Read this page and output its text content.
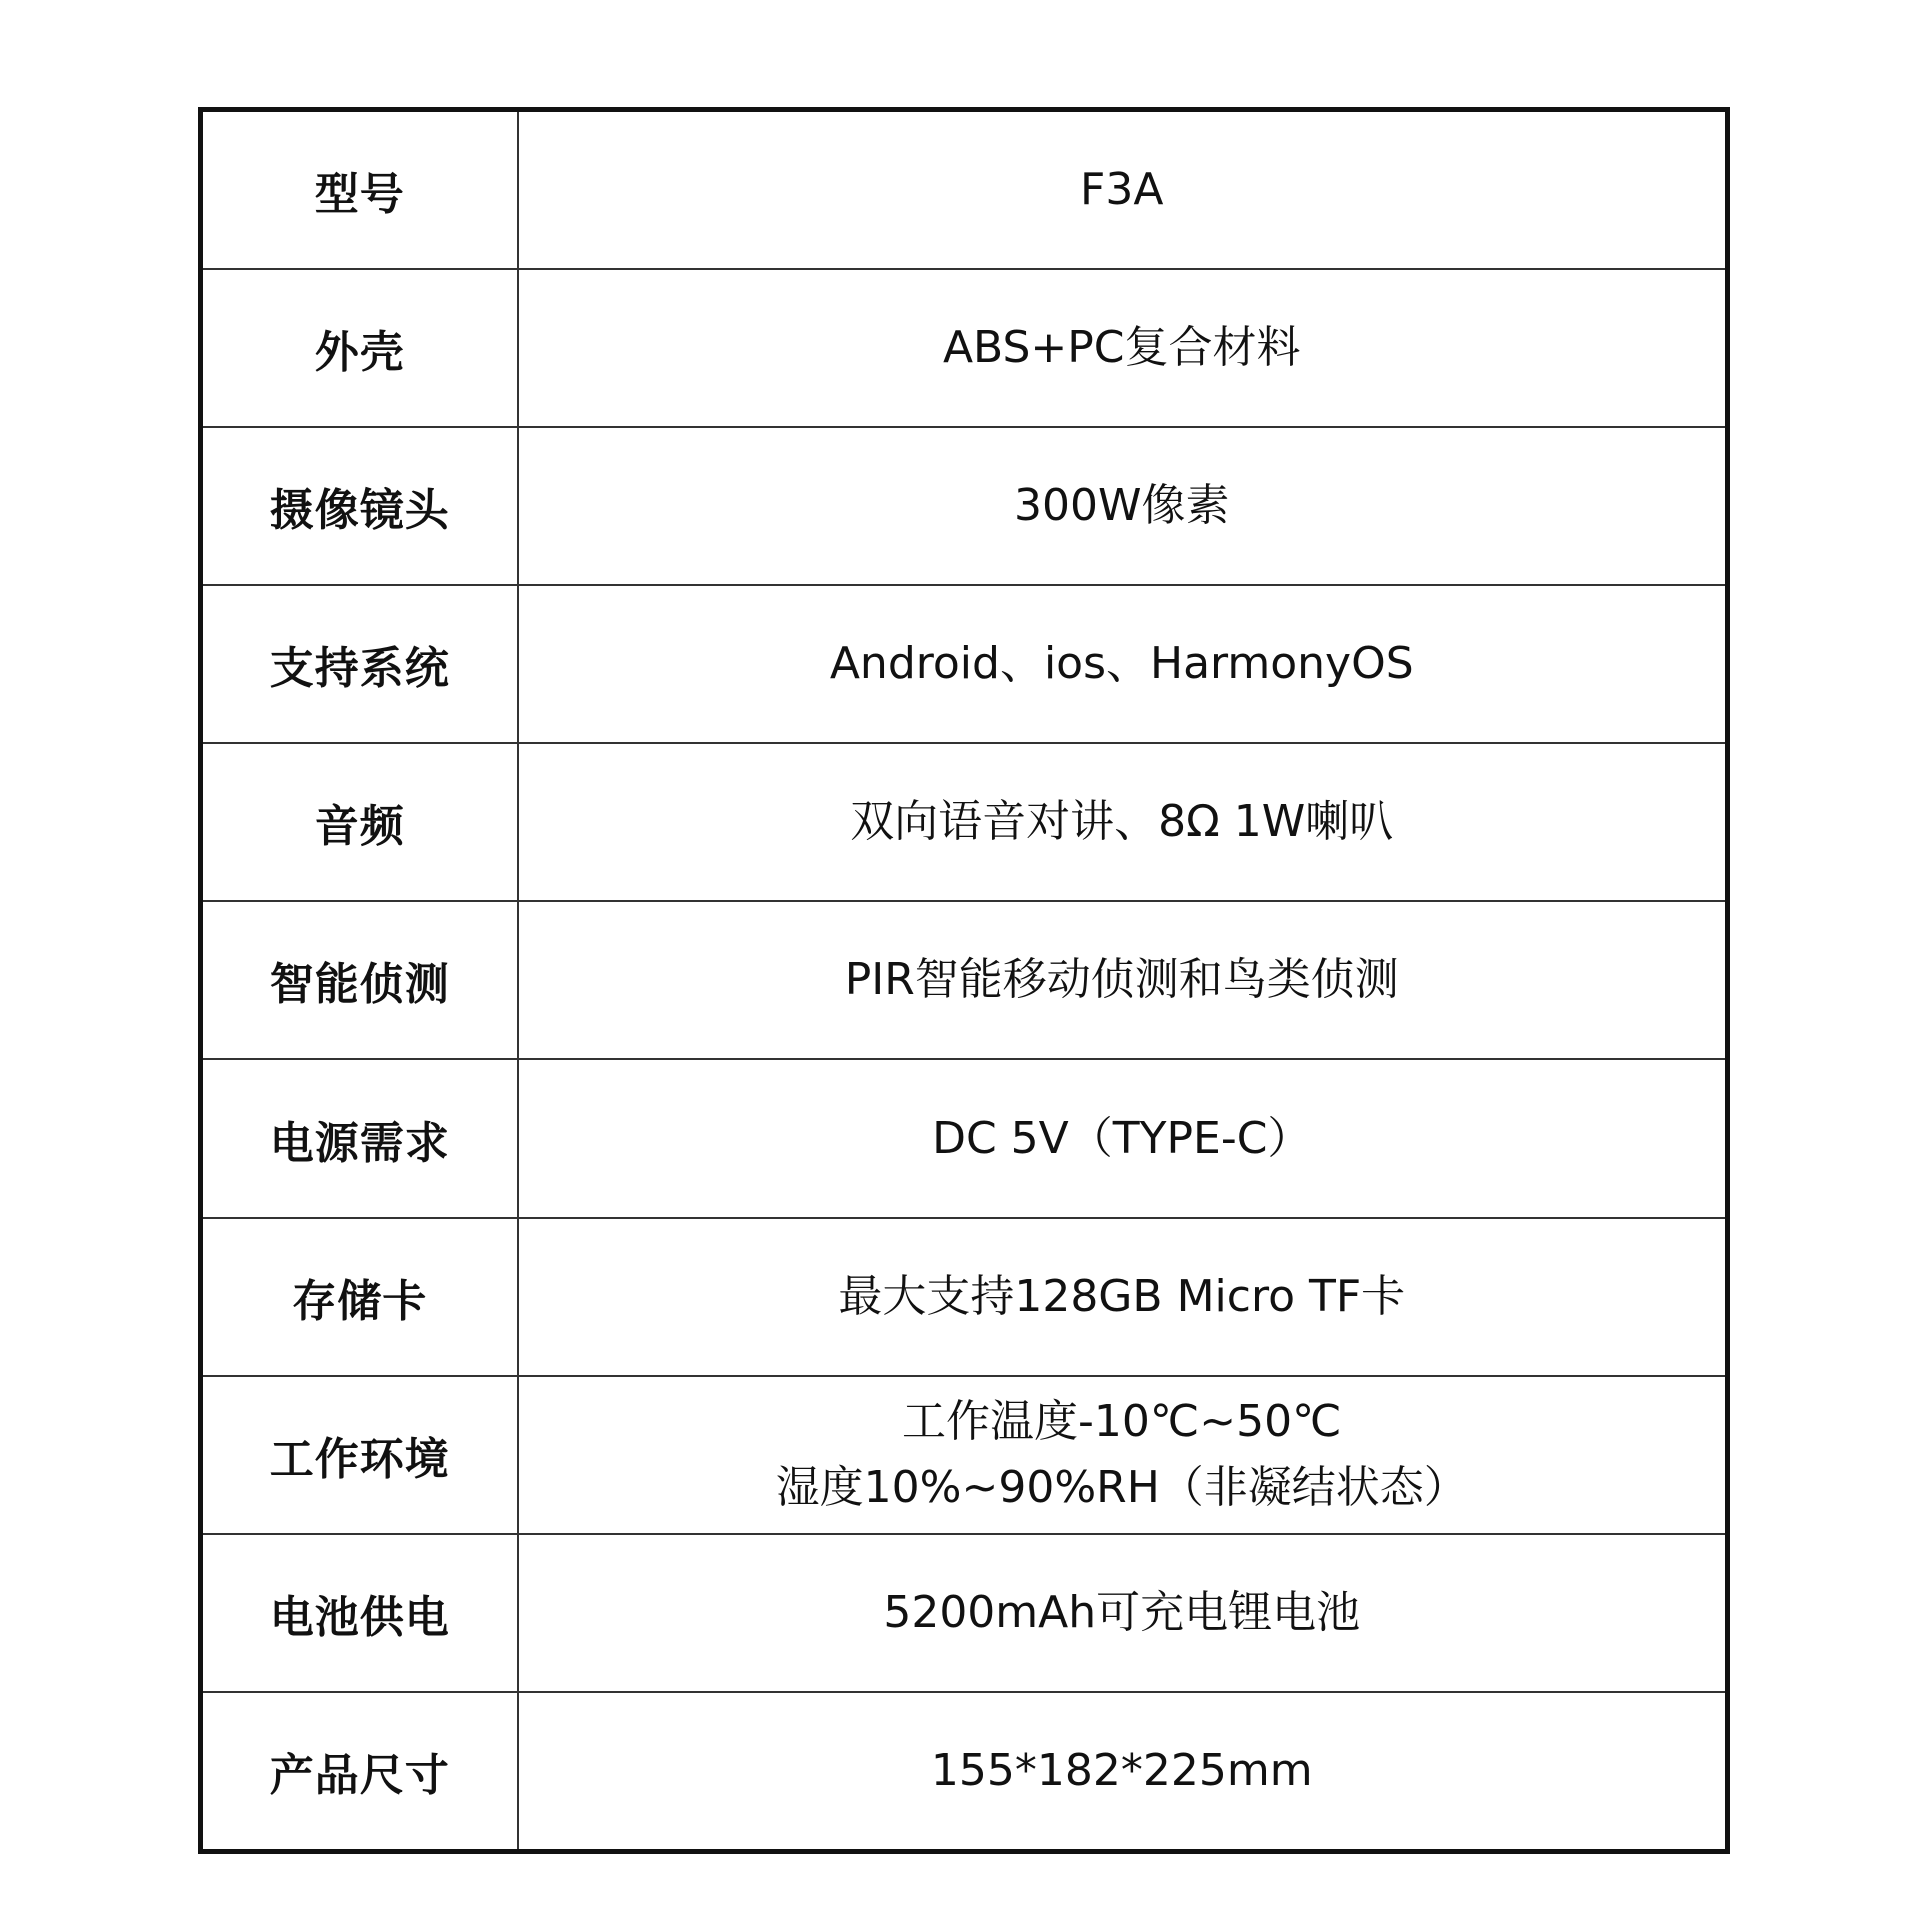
型号	F3A

外壳	ABS+PC复合材料

摄像镜头	300W像素

支持系统	Android、ios、HarmonyOS

音频	双向语音对讲、8Ω 1W喇叭

智能侦测	PIR智能移动侦测和鸟类侦测

电源需求	DC 5V（TYPE-C）

存储卡	最大支持128GB Micro TF卡

工作环境	工作温度-10℃~50℃
湿度10%~90%RH（非凝结状态）

电池供电	5200mAh可充电锂电池

产品尺寸	155*182*225mm
